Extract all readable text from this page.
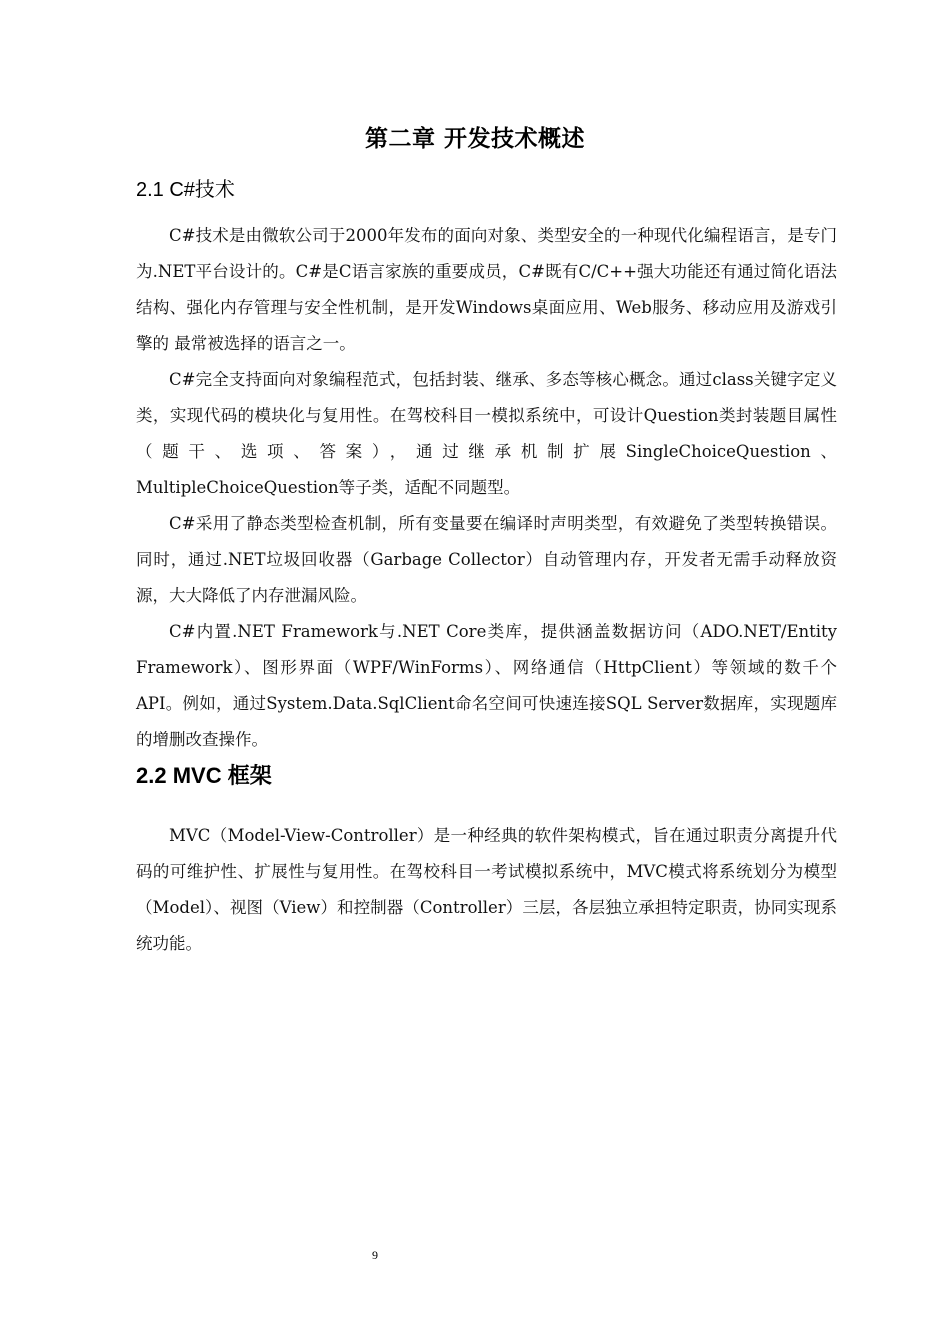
第二章 开发技术概述
2.1 C#技术

C#技术是由微软公司于2000年发布的面向对象、类型安全的一种现代化编程语言，是专门为.NET平台设计的。C#是C语言家族的重要成员，C#既有C/C++强大功能还有通过简化语法结构、强化内存管理与安全性机制，是开发Windows桌面应用、Web服务、移动应用及游戏引擎的 最常被选择的语言之一。

C#完全支持面向对象编程范式，包括封装、继承、多态等核心概念。通过class关键字定义类，实现代码的模块化与复用性。在驾校科目一模拟系统中，可设计Question类封装题目属性（题干、选项、答案），通过继承机制扩展SingleChoiceQuestion、MultipleChoiceQuestion等子类，适配不同题型。

C#采用了静态类型检查机制，所有变量要在编译时声明类型，有效避免了类型转换错误。同时，通过.NET垃圾回收器（Garbage Collector）自动管理内存，开发者无需手动释放资源，大大降低了内存泄漏风险。

C#内置.NET Framework与.NET Core类库，提供涵盖数据访问（ADO.NET/Entity Framework）、图形界面（WPF/WinForms）、网络通信（HttpClient）等领域的数千个API。例如，通过System.Data.SqlClient命名空间可快速连接SQL Server数据库，实现题库的增删改查操作。

2.2 MVC 框架

MVC（Model-View-Controller）是一种经典的软件架构模式，旨在通过职责分离提升代码的可维护性、扩展性与复用性。在驾校科目一考试模拟系统中，MVC模式将系统划分为模型（Model）、视图（View）和控制器（Controller）三层，各层独立承担特定职责，协同实现系统功能。

9
